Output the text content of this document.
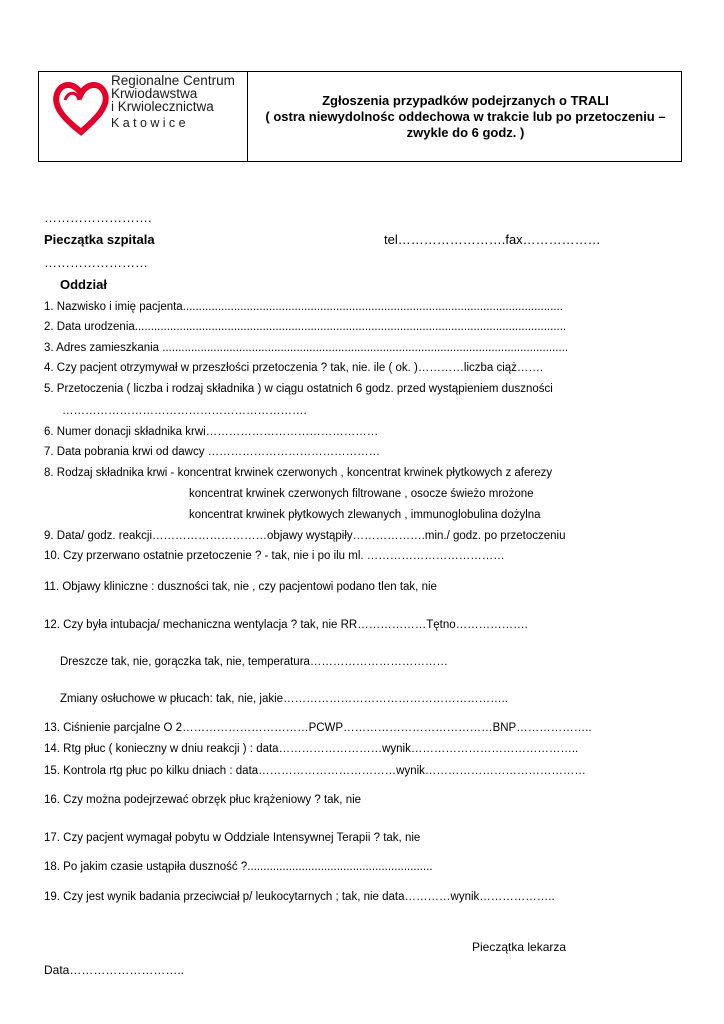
Regionalne Centrum
Krwiodawstwa
i Krwiolecznictwa
Katowice
Zgłoszenia przypadków podejrzanych o TRALI
( ostra niewydolnośc oddechowa w trakcie lub po przetoczeniu –
zwykle do 6 godz. )
…………………….
Pieczątka szpitala	tel…………………….fax………………
……………………
Oddział
1. Nazwisko i imię pacjenta.......................................................................................................................
2. Data urodzenia.......................................................................................................................................
3. Adres zamieszkania ...............................................................................................................................
4. Czy pacjent otrzymywał w przeszłości przetoczenia ? tak, nie. ile ( ok. )…………liczba ciąż…….
5. Przetoczenia ( liczba i rodzaj składnika ) w ciągu ostatnich 6 godz. przed wystąpieniem duszności
……………………………………………………….
6. Numer donacji składnika krwi………………………………………
7. Data pobrania krwi od dawcy ………………………………………
8. Rodzaj składnika krwi - koncentrat krwinek czerwonych , koncentrat krwinek płytkowych z aferezy
koncentrat krwinek czerwonych filtrowane , osocze świeżo mrożone
koncentrat krwinek płytkowych zlewanych , immunoglobulina dożylna
9. Data/ godz. reakcji…………………………objawy wystąpiły……………….min./ godz. po przetoczeniu
10. Czy przerwano ostatnie przetoczenie ? - tak, nie i po ilu ml. ………………………………
11. Objawy kliniczne : duszności tak, nie , czy pacjentowi podano tlen tak, nie
12. Czy była intubacja/ mechaniczna wentylacja ? tak, nie RR………………Tętno……………….
Dreszcze tak, nie, gorączka tak, nie, temperatura………………………………
Zmiany osłuchowe w płucach: tak, nie, jakie…………………………………………………..
13. Ciśnienie parcjalne O 2……………………………PCWP…………………………………BNP………………..
14. Rtg płuc ( konieczny w dniu reakcji ) : data………………………wynik……………………………………..
15. Kontrola rtg płuc po kilku dniach : data………………………………wynik……………………………………
16. Czy można podejrzewać obrzęk płuc krążeniowy ? tak, nie
17. Czy pacjent wymagał pobytu w Oddziale Intensywnej Terapii ? tak, nie
18. Po jakim czasie ustąpiła duszność ?..........................................................
19. Czy jest wynik badania przeciwciał p/ leukocytarnych ; tak, nie data…………wynik………………..
Pieczątka lekarza
Data………………………..
